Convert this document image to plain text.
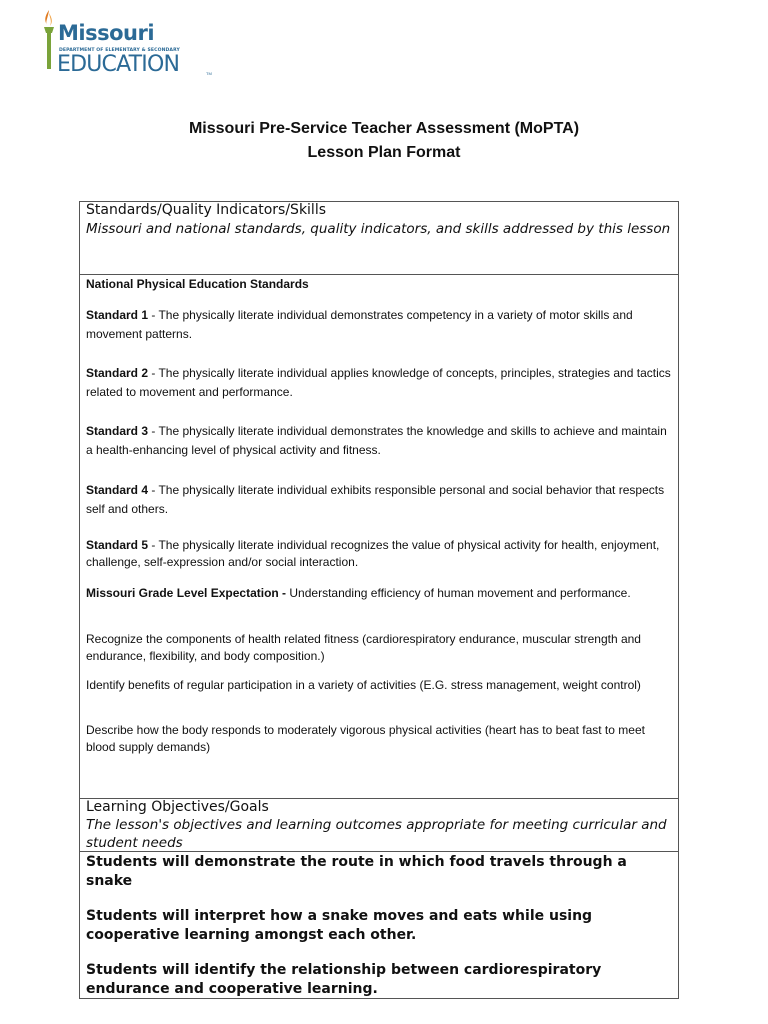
Missouri
DEPARTMENT OF ELEMENTARY & SECONDARY
EDUCATION	TM
Missouri Pre-Service Teacher Assessment (MoPTA)
Lesson Plan Format
Standards/Quality Indicators/Skills
Missouri and national standards, quality indicators, and skills addressed by this lesson
National Physical Education Standards
Standard 1 - The physically literate individual demonstrates competency in a variety of motor skills and movement patterns.
Standard 2 - The physically literate individual applies knowledge of concepts, principles, strategies and tactics related to movement and performance.
Standard 3 - The physically literate individual demonstrates the knowledge and skills to achieve and maintain a health-enhancing level of physical activity and fitness.
Standard 4 - The physically literate individual exhibits responsible personal and social behavior that respects self and others.
Standard 5 - The physically literate individual recognizes the value of physical activity for health, enjoyment, challenge, self-expression and/or social interaction.
Missouri Grade Level Expectation - Understanding efficiency of human movement and performance.
Recognize the components of health related fitness (cardiorespiratory endurance, muscular strength and endurance, flexibility, and body composition.)
Identify benefits of regular participation in a variety of activities (E.G. stress management, weight control)
Describe how the body responds to moderately vigorous physical activities (heart has to beat fast to meet blood supply demands)
Learning Objectives/Goals
The lesson's objectives and learning outcomes appropriate for meeting curricular and student needs
Students will demonstrate the route in which food travels through a snake
Students will interpret how a snake moves and eats while using cooperative learning amongst each other.
Students will identify the relationship between cardiorespiratory endurance and cooperative learning.
